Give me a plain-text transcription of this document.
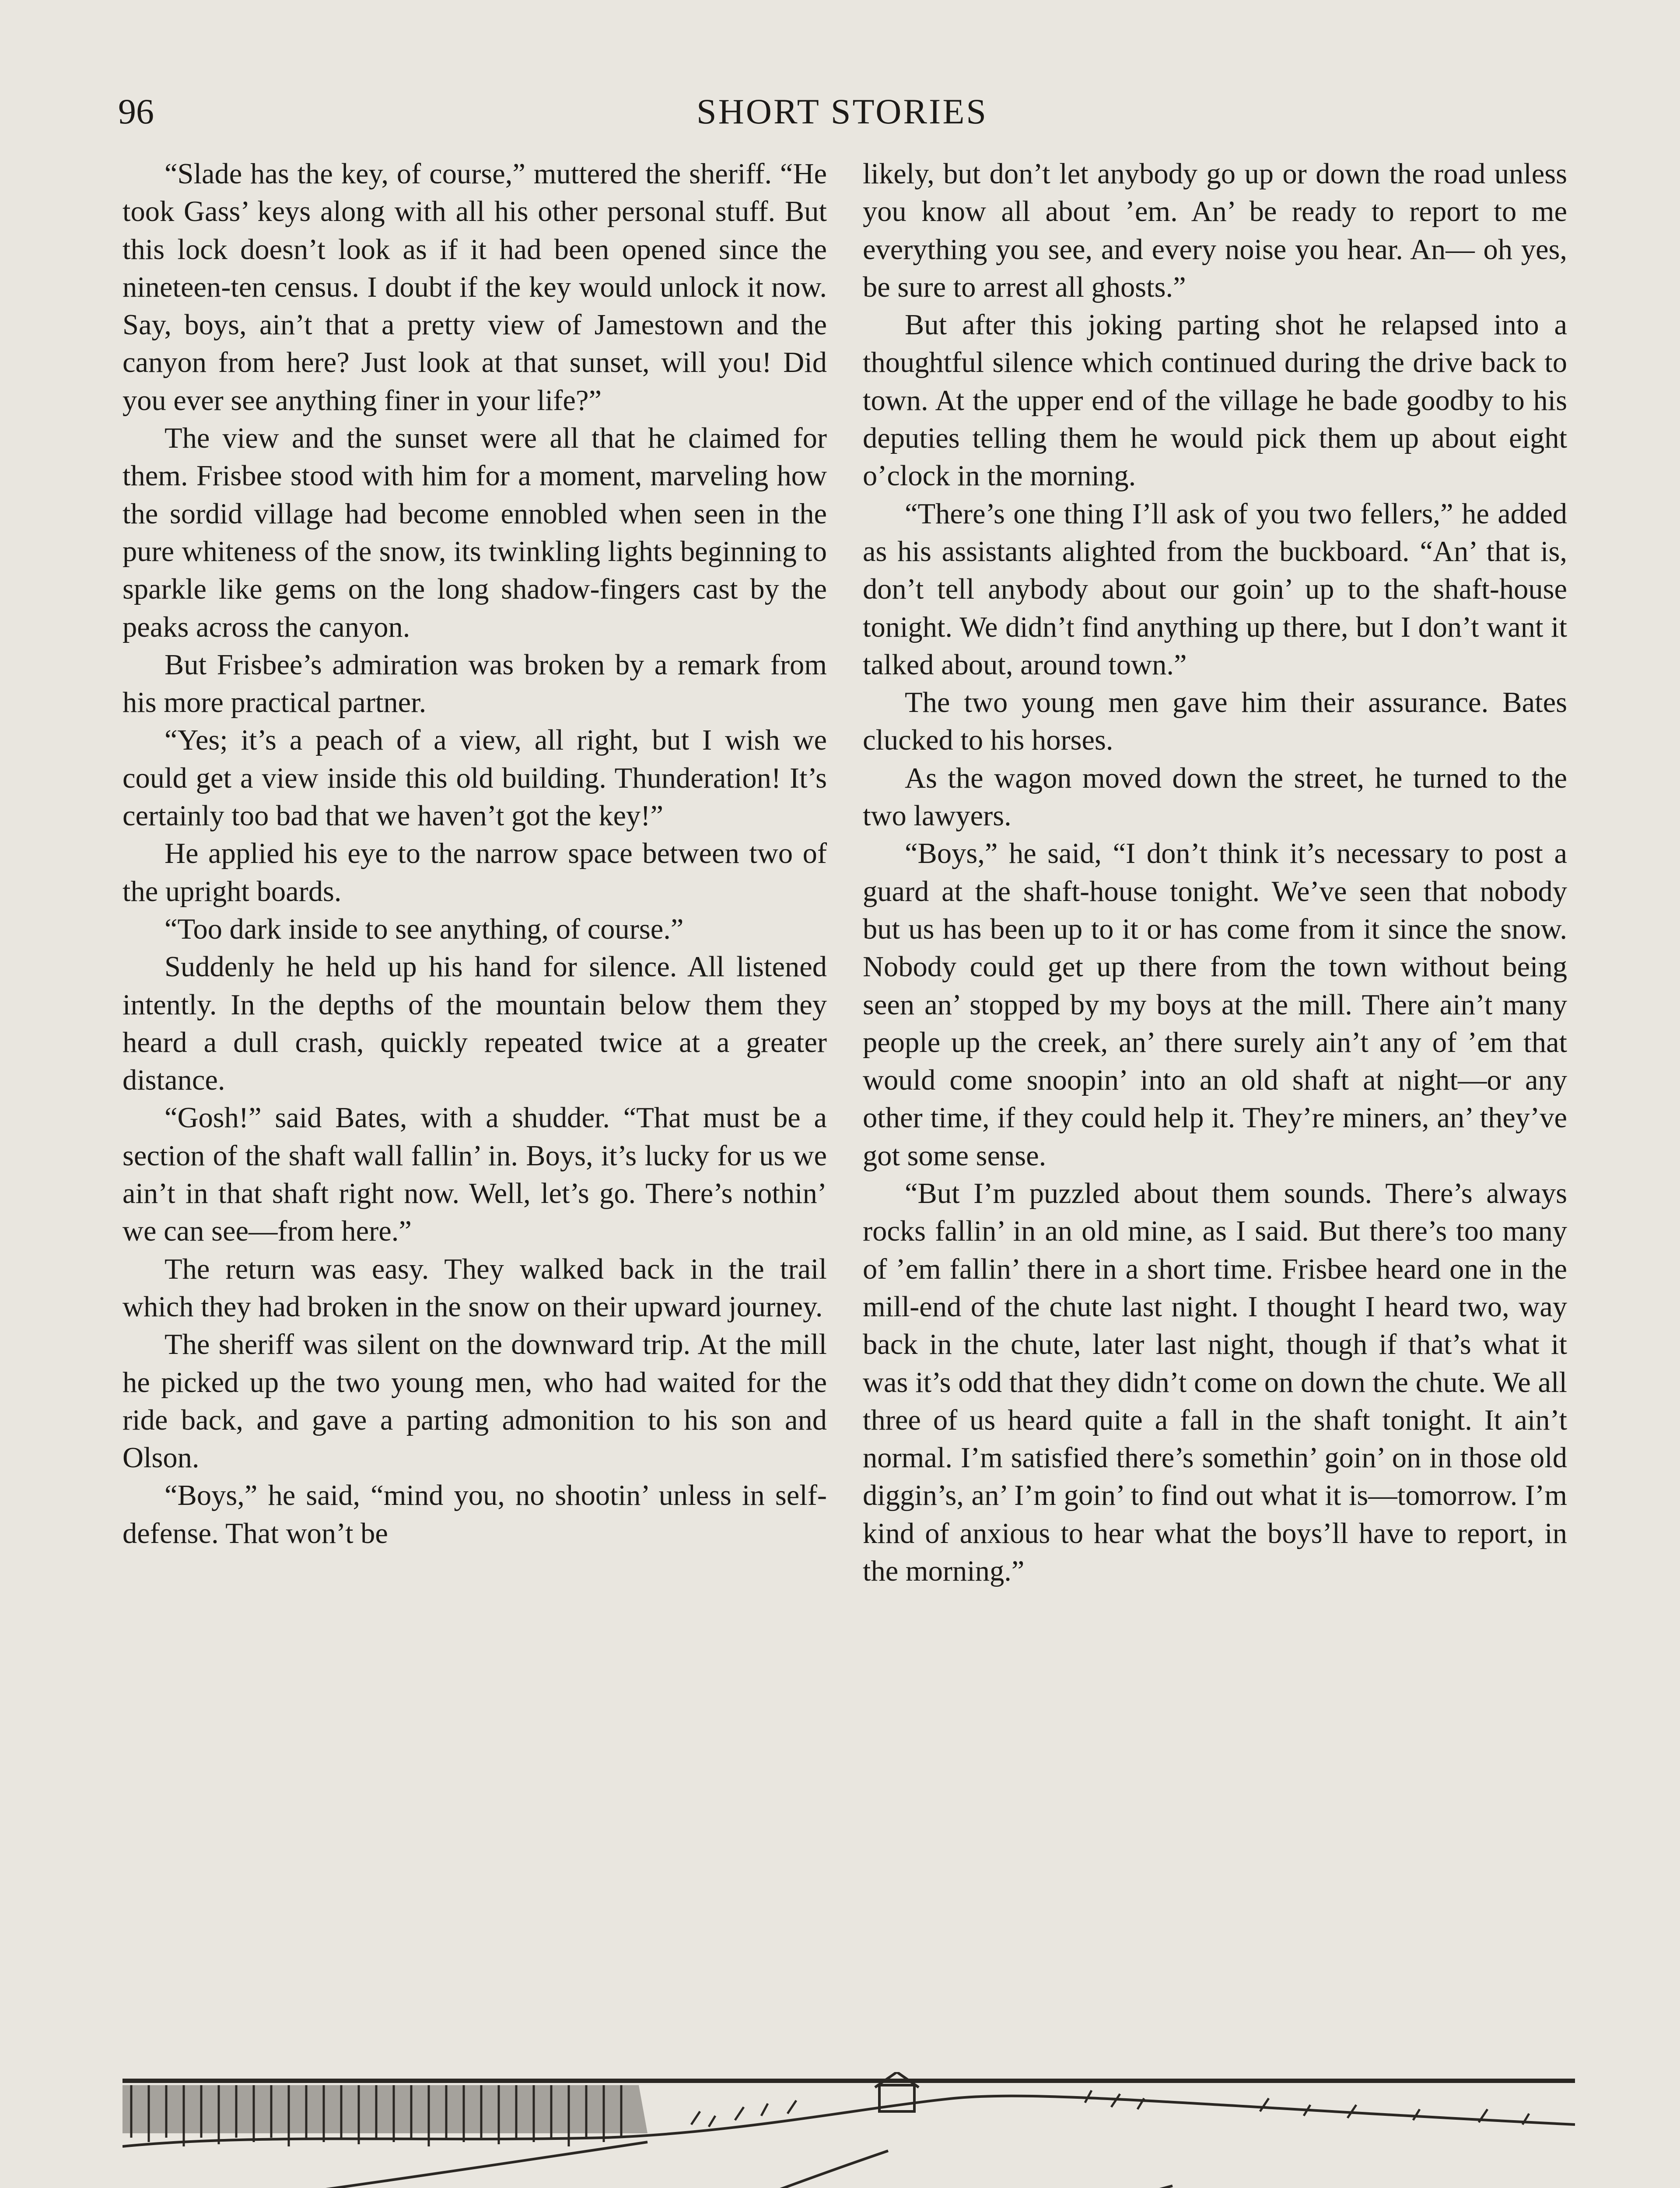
96	SHORT STORIES

“Slade has the key, of course,” muttered the sheriff. “He took Gass’ keys along with all his other personal stuff. But this lock doesn’t look as if it had been opened since the nineteen-ten census. I doubt if the key would unlock it now. Say, boys, ain’t that a pretty view of Jamestown and the canyon from here? Just look at that sunset, will you! Did you ever see anything finer in your life?”

The view and the sunset were all that he claimed for them. Frisbee stood with him for a moment, marveling how the sordid village had become ennobled when seen in the pure whiteness of the snow, its twinkling lights beginning to sparkle like gems on the long shadow-fingers cast by the peaks across the canyon.

But Frisbee’s admiration was broken by a remark from his more practical partner.

“Yes; it’s a peach of a view, all right, but I wish we could get a view inside this old building. Thunderation! It’s certainly too bad that we haven’t got the key!”

He applied his eye to the narrow space between two of the upright boards.

“Too dark inside to see anything, of course.”

Suddenly he held up his hand for silence. All listened intently. In the depths of the mountain below them they heard a dull crash, quickly repeated twice at a greater distance.

“Gosh!” said Bates, with a shudder. “That must be a section of the shaft wall fallin’ in. Boys, it’s lucky for us we ain’t in that shaft right now. Well, let’s go. There’s nothin’ we can see—from here.”

The return was easy. They walked back in the trail which they had broken in the snow on their upward journey.

The sheriff was silent on the downward trip. At the mill he picked up the two young men, who had waited for the ride back, and gave a parting admonition to his son and Olson.

“Boys,” he said, “mind you, no shootin’ unless in self-defense. That won’t be

likely, but don’t let anybody go up or down the road unless you know all about ’em. An’ be ready to report to me everything you see, and every noise you hear. An— oh yes, be sure to arrest all ghosts.”

But after this joking parting shot he relapsed into a thoughtful silence which continued during the drive back to town. At the upper end of the village he bade goodby to his deputies telling them he would pick them up about eight o’clock in the morning.

“There’s one thing I’ll ask of you two fellers,” he added as his assistants alighted from the buckboard. “An’ that is, don’t tell anybody about our goin’ up to the shaft-house tonight. We didn’t find anything up there, but I don’t want it talked about, around town.”

The two young men gave him their assurance. Bates clucked to his horses.

As the wagon moved down the street, he turned to the two lawyers.

“Boys,” he said, “I don’t think it’s necessary to post a guard at the shaft-house tonight. We’ve seen that nobody but us has been up to it or has come from it since the snow. Nobody could get up there from the town without being seen an’ stopped by my boys at the mill. There ain’t many people up the creek, an’ there surely ain’t any of ’em that would come snoopin’ into an old shaft at night—or any other time, if they could help it. They’re miners, an’ they’ve got some sense.

“But I’m puzzled about them sounds. There’s always rocks fallin’ in an old mine, as I said. But there’s too many of ’em fallin’ there in a short time. Frisbee heard one in the mill-end of the chute last night. I thought I heard two, way back in the chute, later last night, though if that’s what it was it’s odd that they didn’t come on down the chute. We all three of us heard quite a fall in the shaft tonight. It ain’t normal. I’m satisfied there’s somethin’ goin’ on in those old diggin’s, an’ I’m goin’ to find out what it is—tomorrow. I’m kind of anxious to hear what the boys’ll have to report, in the morning.”
